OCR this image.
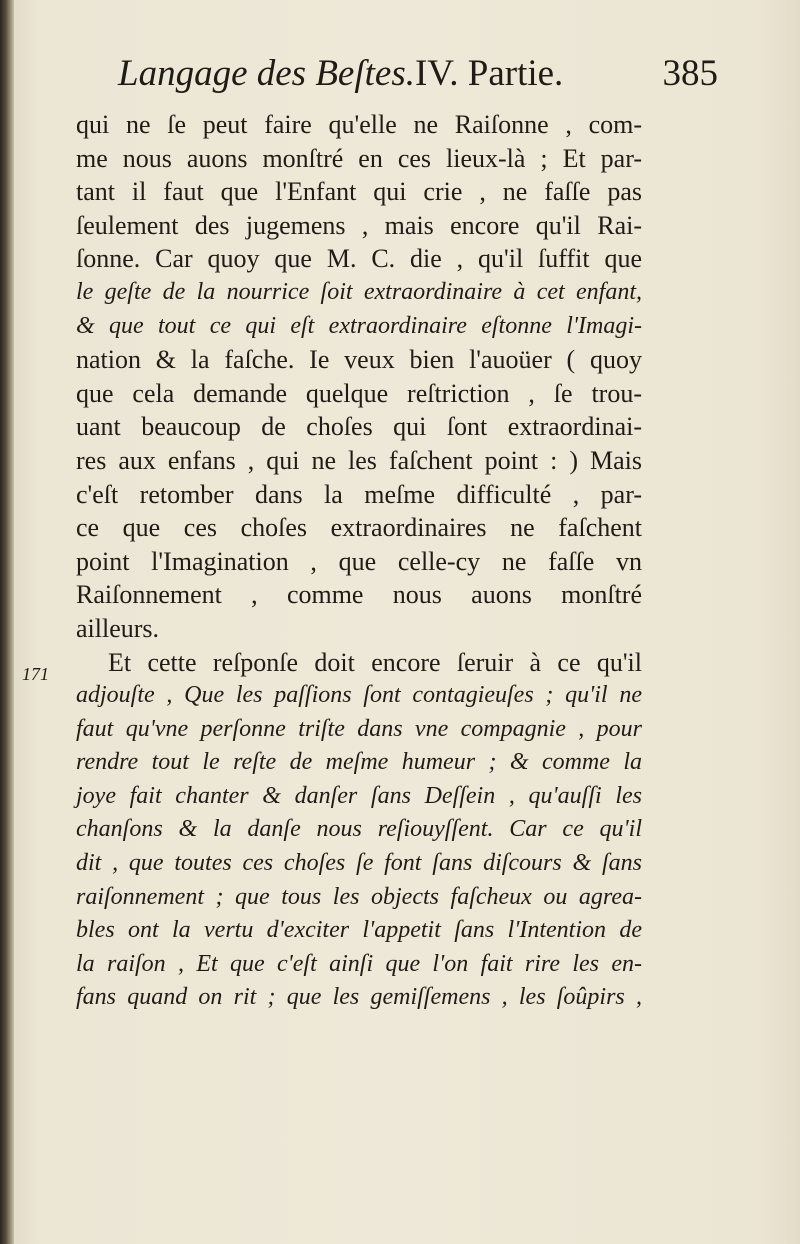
Langage des Beſtes.IV. Partie.	385
171
qui ne ſe peut faire qu'elle ne Raiſonne , com-
me nous auons monſtré en ces lieux-là ; Et par-
tant il faut que l'Enfant qui crie , ne faſſe pas
ſeulement des jugemens , mais encore qu'il Rai-
ſonne. Car quoy que M. C. die , qu'il ſuffit que
le geſte de la nourrice ſoit extraordinaire à cet enfant,
& que tout ce qui eſt extraordinaire eſtonne l'Imagi-
nation & la faſche. Ie veux bien l'auoüer ( quoy
que cela demande quelque reſtriction , ſe trou-
uant beaucoup de choſes qui ſont extraordinai-
res aux enfans , qui ne les faſchent point : ) Mais
c'eſt retomber dans la meſme difficulté , par-
ce que ces choſes extraordinaires ne faſchent
point l'Imagination , que celle-cy ne faſſe vn
Raiſonnement , comme nous auons monſtré
ailleurs.
Et cette reſponſe doit encore ſeruir à ce qu'il
adjouſte , Que les paſſions ſont contagieuſes ; qu'il ne
faut qu'vne perſonne triſte dans vne compagnie , pour
rendre tout le reſte de meſme humeur ; & comme la
joye fait chanter & danſer ſans Deſſein , qu'auſſi les
chanſons & la danſe nous reſiouyſſent. Car ce qu'il
dit , que toutes ces choſes ſe font ſans diſcours & ſans
raiſonnement ; que tous les objects faſcheux ou agrea-
bles ont la vertu d'exciter l'appetit ſans l'Intention de
la raiſon , Et que c'eſt ainſi que l'on fait rire les en-
fans quand on rit ; que les gemiſſemens , les ſoûpirs ,
